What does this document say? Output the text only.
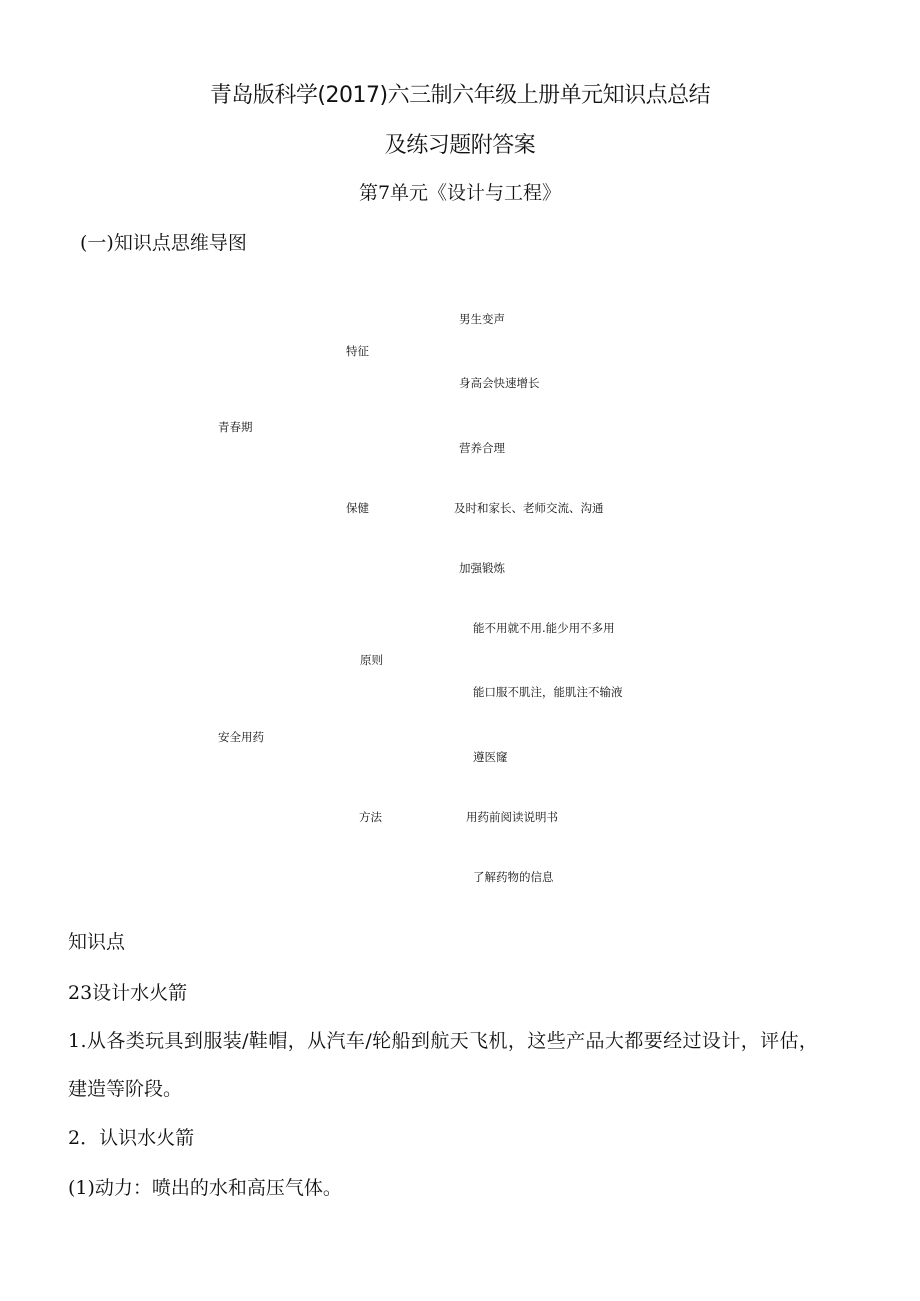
青岛版科学(2017)六三制六年级上册单元知识点总结
及练习题附答案
第7单元《设计与工程》
(一)知识点思维导图
青春期
特征
男生变声
身高会快速增长
保健
营养合理
及时和家长、老师交流、沟通
加强锻炼
安全用药
原则
能不用就不用.能少用不多用
能口服不肌注，能肌注不输液
方法
遵医窿
用药前阅读说明书
了解药物的信息
知识点
23设计水火箭
1.从各类玩具到服装/鞋帽，从汽车/轮船到航天飞机，这些产品大都要经过设计，评估，
建造等阶段。
2．认识水火箭
(1)动力：喷出的水和高压气体。
